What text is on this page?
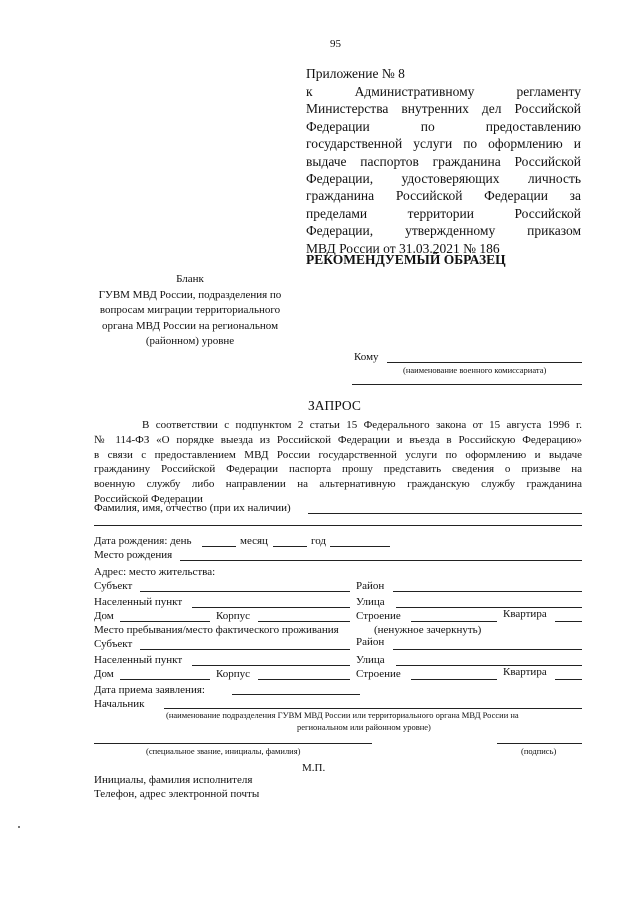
95
Приложение № 8
к Административному регламенту
Министерства внутренних дел Российской
Федерации по предоставлению
государственной услуги по оформлению и
выдаче паспортов гражданина Российской
Федерации, удостоверяющих личность
гражданина Российской Федерации за
пределами территории Российской
Федерации, утвержденному приказом
МВД России от 31.03.2021 № 186
РЕКОМЕНДУЕМЫЙ ОБРАЗЕЦ
Бланк
ГУВМ МВД России, подразделения по
вопросам миграции территориального
органа МВД России на региональном
(районном) уровне
Кому
(наименование военного комиссариата)
ЗАПРОС
В соответствии с подпунктом 2 статьи 15 Федерального закона от 15 августа 1996 г.
№ 114-ФЗ «О порядке выезда из Российской Федерации и въезда в Российскую Федерацию»
в связи с предоставлением МВД России государственной услуги по оформлению и выдаче
гражданину Российской Федерации паспорта прошу представить сведения о призыве на
военную службу либо направлении на альтернативную гражданскую службу гражданина
Российской Федерации
Фамилия, имя, отчество (при их наличии)
Дата рождения: день	месяц	год
Место рождения
Адрес: место жительства:
Субъект	Район
Населенный пункт	Улица
Дом	Корпус	Строение	Квартира
Место пребывания/место фактического проживания	(ненужное зачеркнуть)
Субъект	Район
Населенный пункт	Улица
Дом	Корпус	Строение	Квартира
Дата приема заявления:
Начальник
(наименование подразделения ГУВМ МВД России или территориального органа МВД России на
региональном или районном уровне)
(специальное звание, инициалы, фамилия)	(подпись)
М.П.
Инициалы, фамилия исполнителя
Телефон, адрес электронной почты
